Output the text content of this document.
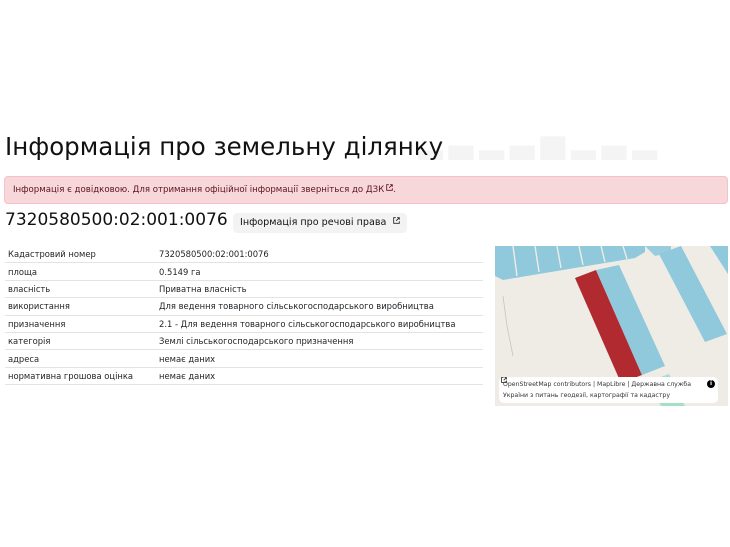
▂▃▂▃▅▂▃▂
Інформація про земельну ділянку
Інформація є довідковою. Для отримання офіційної інформації зверніться до ДЗК .
7320580500:02:001:0076	Інформація про речові права
Кадастровий номер	7320580500:02:001:0076
площа	0.5149 га
власність	Приватна власність
використання	Для ведення товарного сільськогосподарського виробництва
призначення	2.1 - Для ведення товарного сільськогосподарського виробництва
категорія	Землі сільськогосподарського призначення
адреса	немає даних
нормативна грошова оцінка	немає даних
OpenStreetMap contributors | MapLibre
| Державна служба
України з питань геодезії, картографії та кадастру
i
